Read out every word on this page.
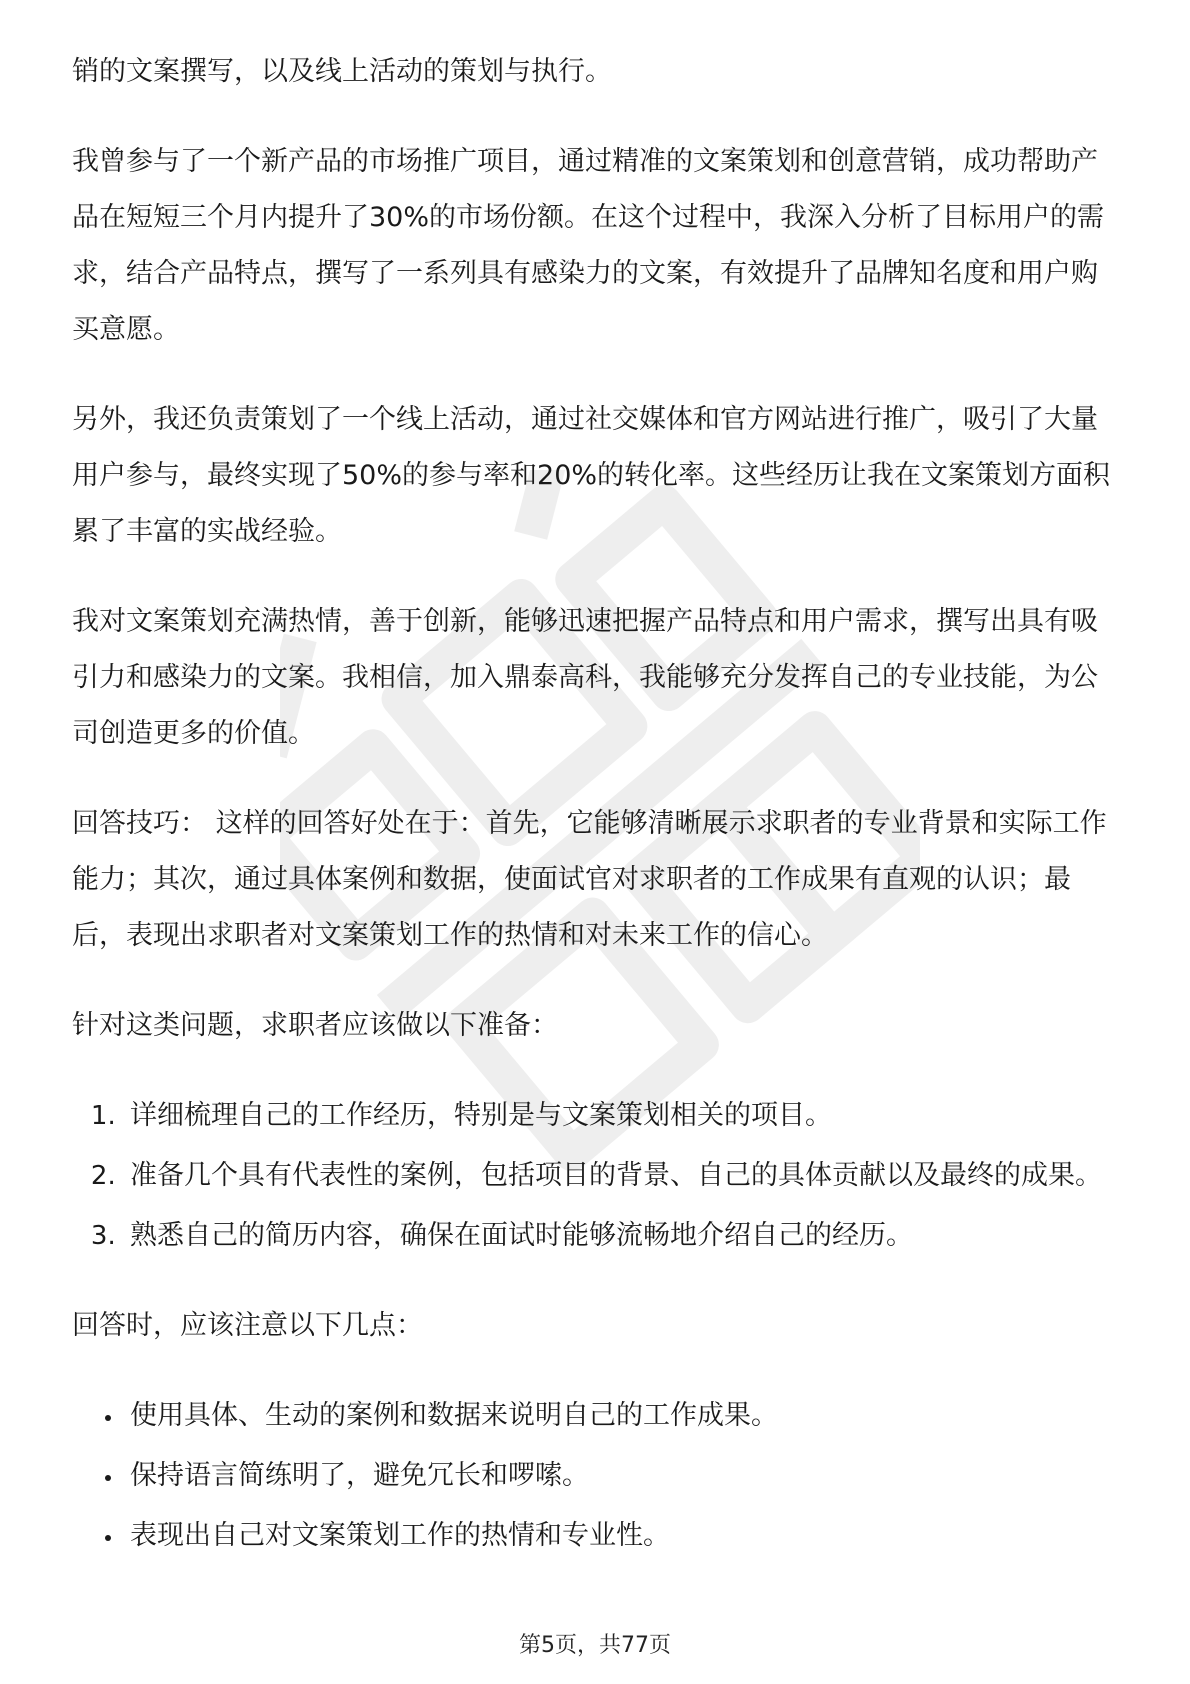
销的文案撰写，以及线上活动的策划与执行。

我曾参与了一个新产品的市场推广项目，通过精准的文案策划和创意营销，成功帮助产品在短短三个月内提升了30%的市场份额。在这个过程中，我深入分析了目标用户的需求，结合产品特点，撰写了一系列具有感染力的文案，有效提升了品牌知名度和用户购买意愿。

另外，我还负责策划了一个线上活动，通过社交媒体和官方网站进行推广，吸引了大量用户参与，最终实现了50%的参与率和20%的转化率。这些经历让我在文案策划方面积累了丰富的实战经验。

我对文案策划充满热情，善于创新，能够迅速把握产品特点和用户需求，撰写出具有吸引力和感染力的文案。我相信，加入鼎泰高科，我能够充分发挥自己的专业技能，为公司创造更多的价值。

回答技巧： 这样的回答好处在于：首先，它能够清晰展示求职者的专业背景和实际工作能力；其次，通过具体案例和数据，使面试官对求职者的工作成果有直观的认识；最后，表现出求职者对文案策划工作的热情和对未来工作的信心。

针对这类问题，求职者应该做以下准备：

1. 详细梳理自己的工作经历，特别是与文案策划相关的项目。
2. 准备几个具有代表性的案例，包括项目的背景、自己的具体贡献以及最终的成果。
3. 熟悉自己的简历内容，确保在面试时能够流畅地介绍自己的经历。

回答时，应该注意以下几点：

• 使用具体、生动的案例和数据来说明自己的工作成果。
• 保持语言简练明了，避免冗长和啰嗦。
• 表现出自己对文案策划工作的热情和专业性。
第5页，共77页
